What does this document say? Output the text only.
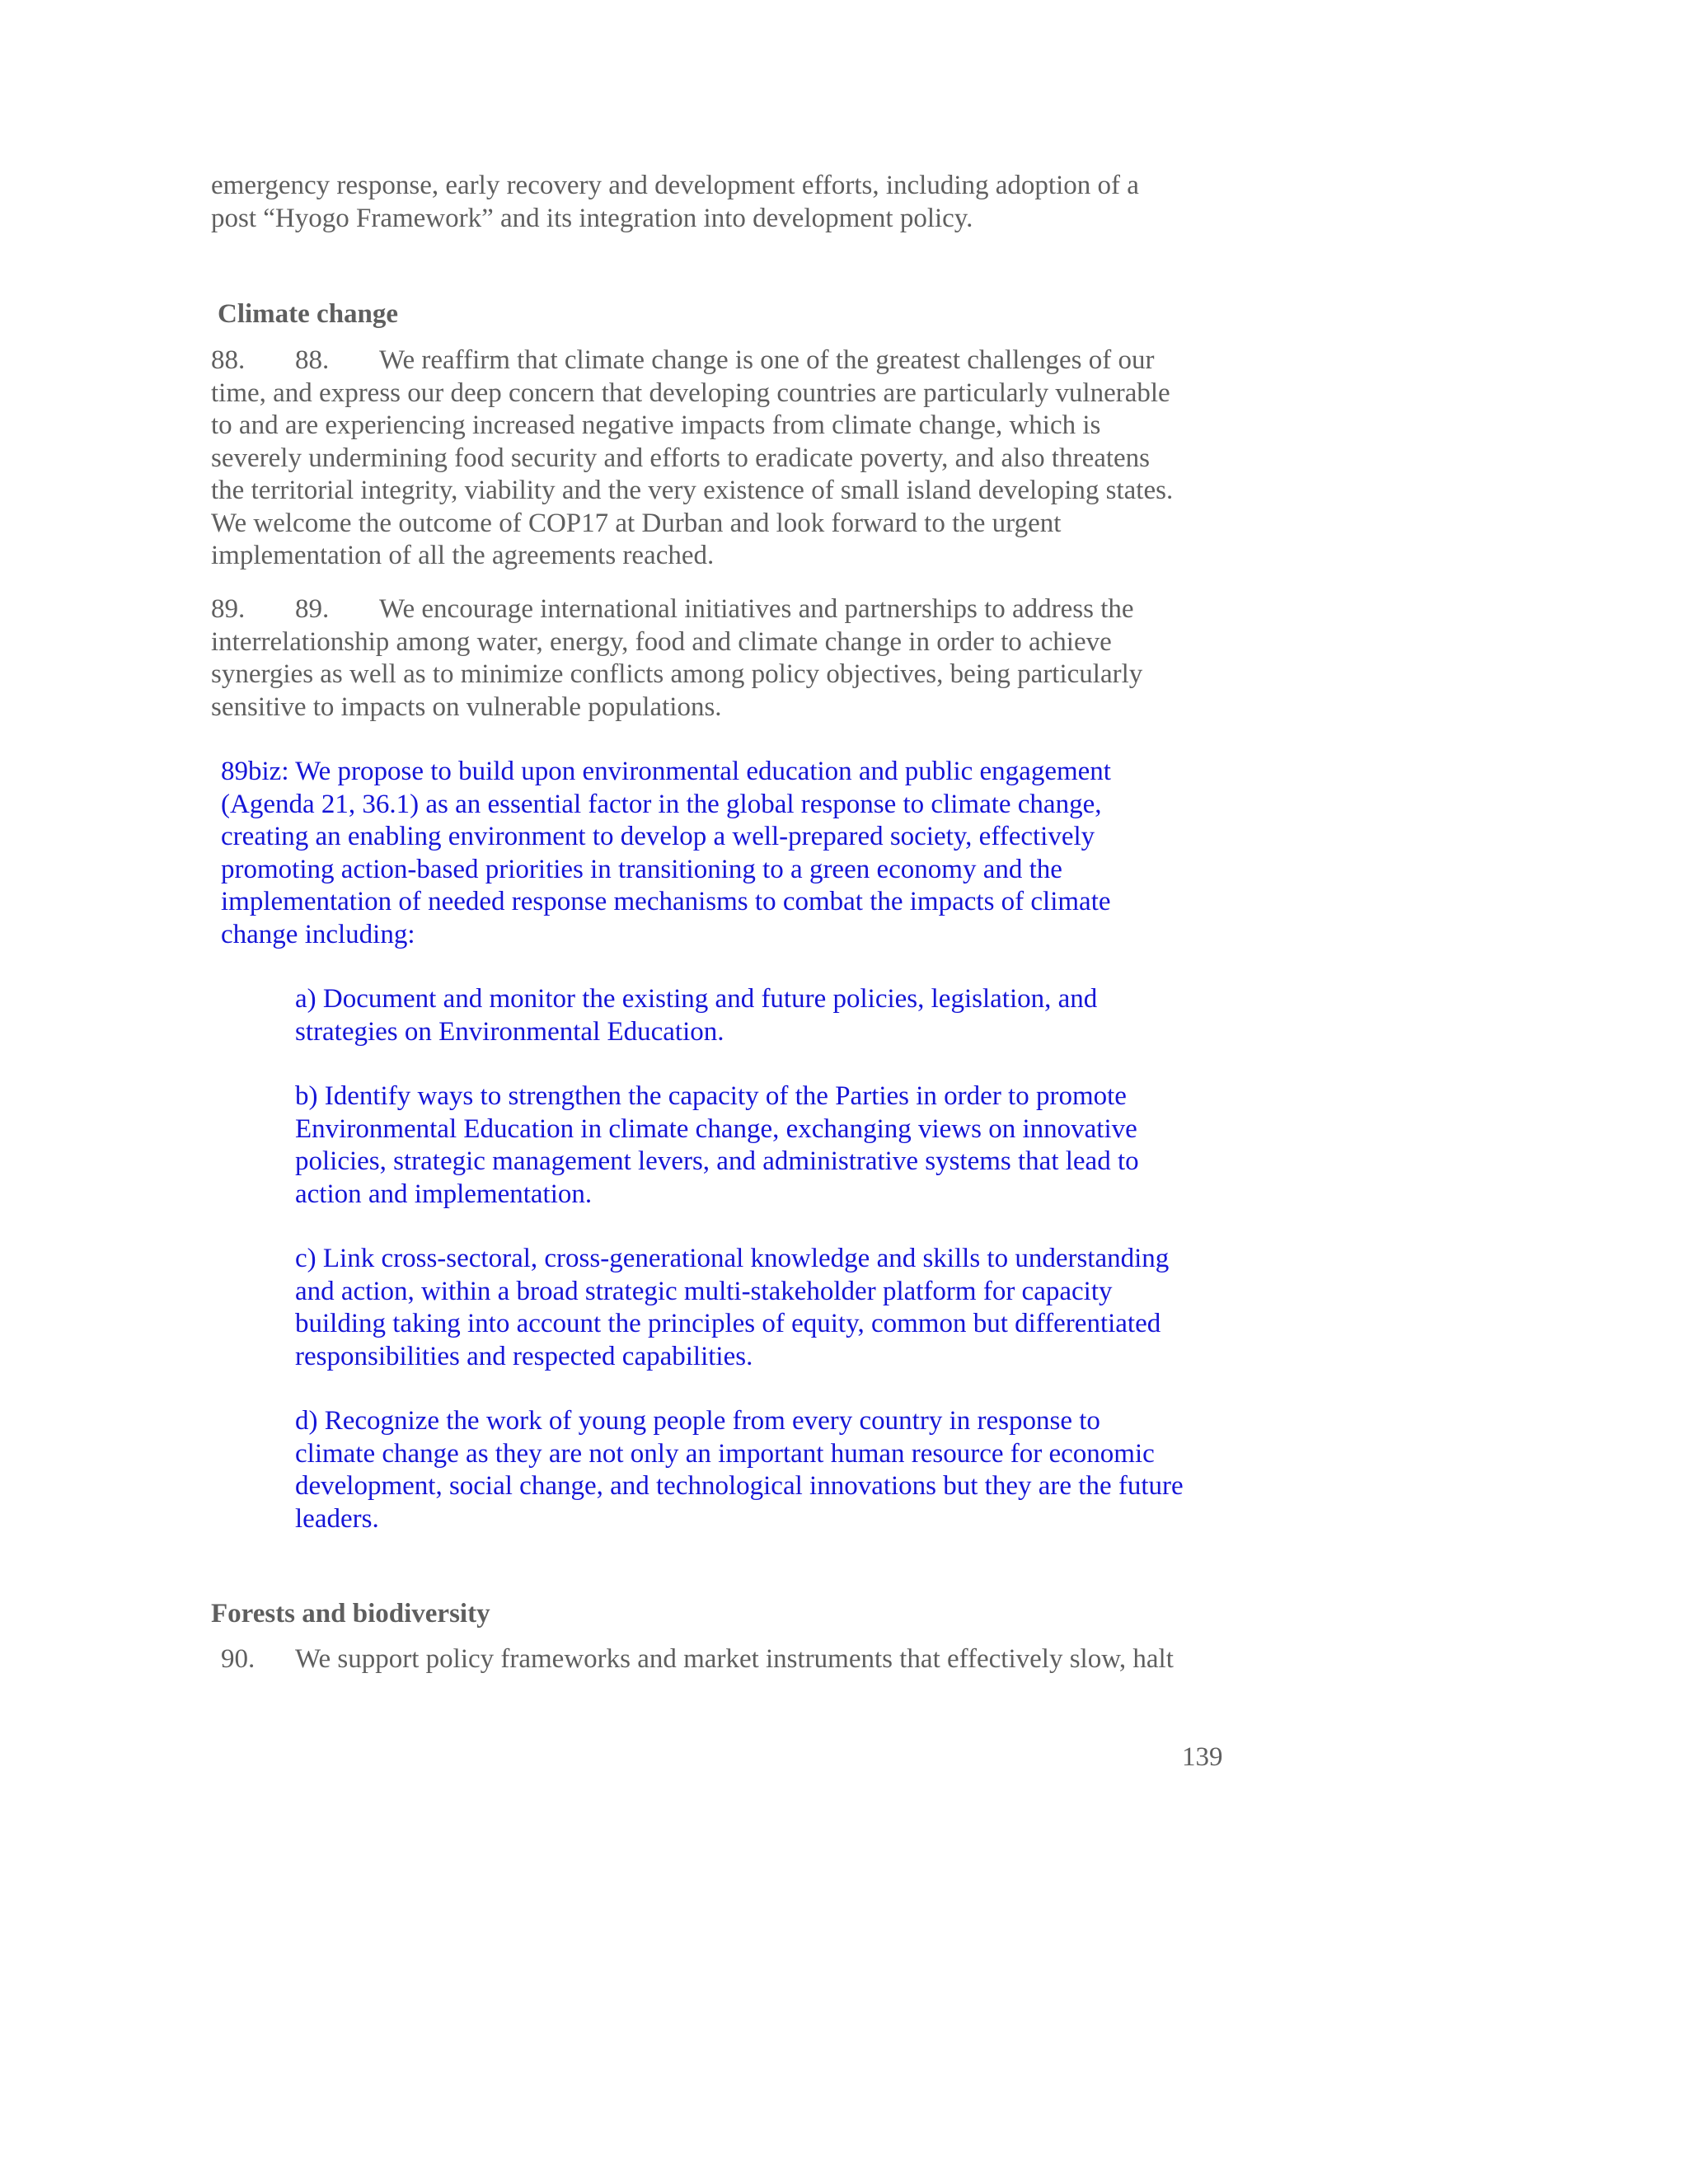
emergency response, early recovery and development efforts, including adoption of a
post “Hyogo Framework” and its integration into development policy.
Climate change
88. 88. We reaffirm that climate change is one of the greatest challenges of our
time, and express our deep concern that developing countries are particularly vulnerable
to and are experiencing increased negative impacts from climate change, which is
severely undermining food security and efforts to eradicate poverty, and also threatens
the territorial integrity, viability and the very existence of small island developing states.
We welcome the outcome of COP17 at Durban and look forward to the urgent
implementation of all the agreements reached.
89. 89. We encourage international initiatives and partnerships to address the
interrelationship among water, energy, food and climate change in order to achieve
synergies as well as to minimize conflicts among policy objectives, being particularly
sensitive to impacts on vulnerable populations.
89biz: We propose to build upon environmental education and public engagement
(Agenda 21, 36.1) as an essential factor in the global response to climate change,
creating an enabling environment to develop a well-prepared society, effectively
promoting action-based priorities in transitioning to a green economy and the
implementation of needed response mechanisms to combat the impacts of climate
change including:
a) Document and monitor the existing and future policies, legislation, and
strategies on Environmental Education.
b) Identify ways to strengthen the capacity of the Parties in order to promote
Environmental Education in climate change, exchanging views on innovative
policies, strategic management levers, and administrative systems that lead to
action and implementation.
c) Link cross-sectoral, cross-generational knowledge and skills to understanding
and action, within a broad strategic multi-stakeholder platform for capacity
building taking into account the principles of equity, common but differentiated
responsibilities and respected capabilities.
d) Recognize the work of young people from every country in response to
climate change as they are not only an important human resource for economic
development, social change, and technological innovations but they are the future
leaders.
Forests and biodiversity
90. We support policy frameworks and market instruments that effectively slow, halt
139
